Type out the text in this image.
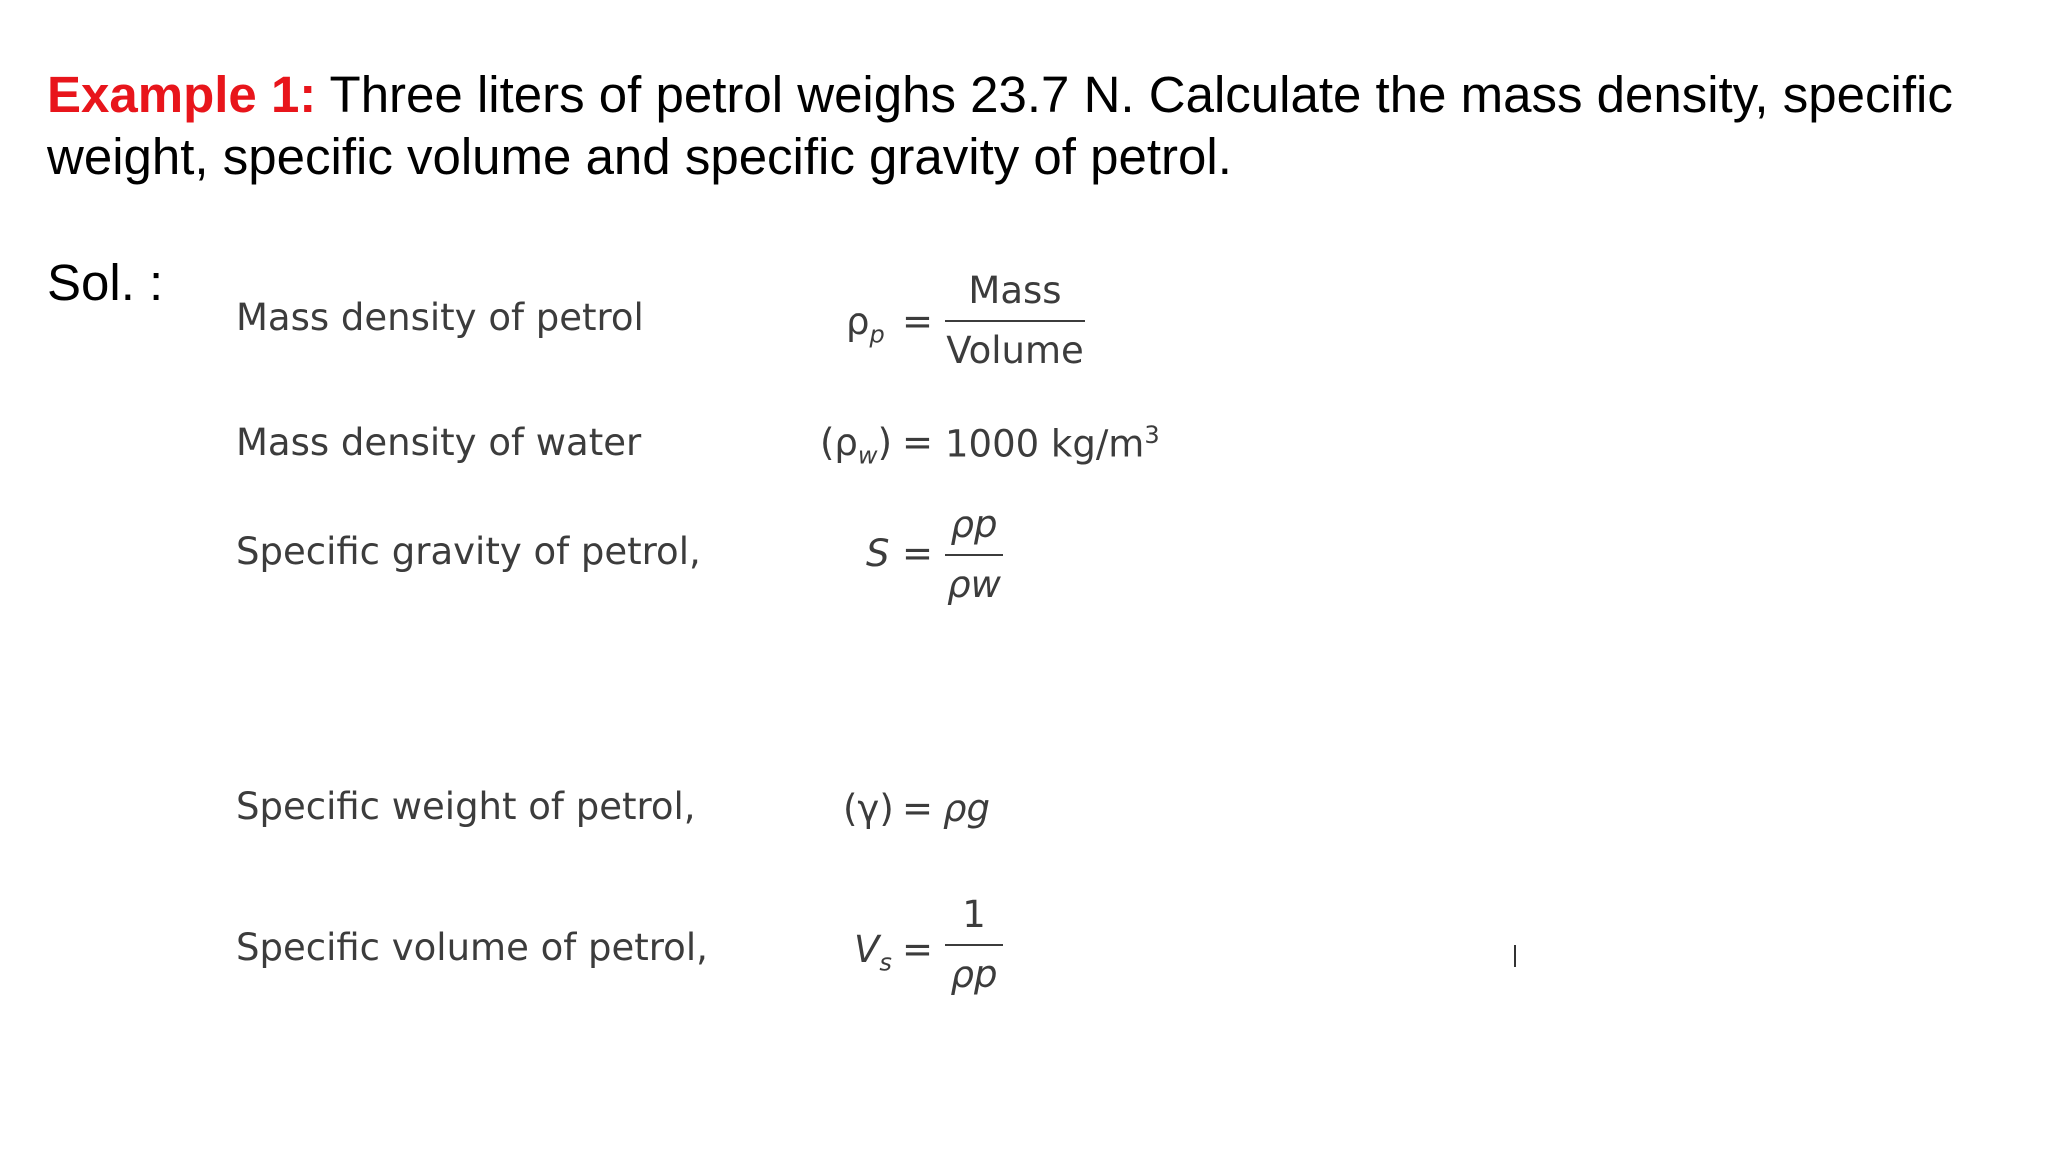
Example 1: Three liters of petrol weighs 23.7 N. Calculate the mass density, specific weight, specific volume and specific gravity of petrol.
Sol. :
Mass density of petrol	$\rho_p$ =
Mass
Volume
Mass density of water	$(\rho_w) = 1000$ $kg/m^3$
Specific gravity of petrol,	S =
ρp
ρw
Specific weight of petrol,	(γ) = ρg
Specific volume of petrol,	$V_s$ =
1
ρp
